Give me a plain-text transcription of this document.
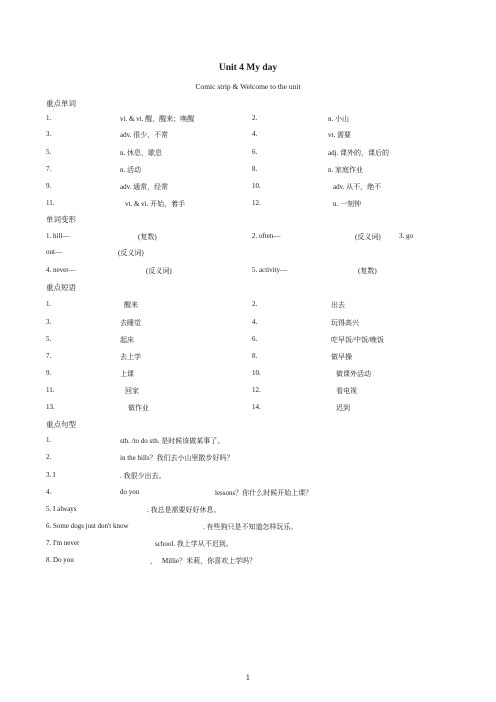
Unit 4 My day
Comic strip & Welcome to the unit
重点单词
1.	vi. & vt. 醒，醒来；唤醒	2.	n. 小山
3.	adv. 很少，不常	4.	vt. 需要
5.	n. 休息，歇息	6.	adj. 课外的，课后的
7.	n. 活动	8.	n. 家庭作业
9.	adv. 通常，经常	10.	adv. 从不，绝不
11.	vt. & vi. 开始，着手	12.	n. 一刻钟
单词变形
1. hill—	(复数)	2. often—	(反义词)	3. go
out—	(反义词)
4. never—	(反义词)	5. activity—	(复数)
重点短语
1.	醒来	2.	出去
3.	去睡觉	4.	玩得高兴
5.	起床	6.	吃早饭/中饭/晚饭
7.	去上学	8.	做早操
9.	上课	10.	做课外活动
11.	回家	12.	看电视
13.	做作业	14.	迟到
重点句型
1.	sth. /to do sth. 是时候该做某事了。
2.	in the hills？我们去小山里散步好吗？
3. I	. 我很少出去。
4.	do you	lessons？你什么时候开始上课？
5. I always	. 我总是需要好好休息。
6. Some dogs just don't know	. 有些狗只是不知道怎样玩乐。
7. I'm never	school. 我上学从不迟到。
8. Do you	， Millie？米莉，你喜欢上学吗？
1
